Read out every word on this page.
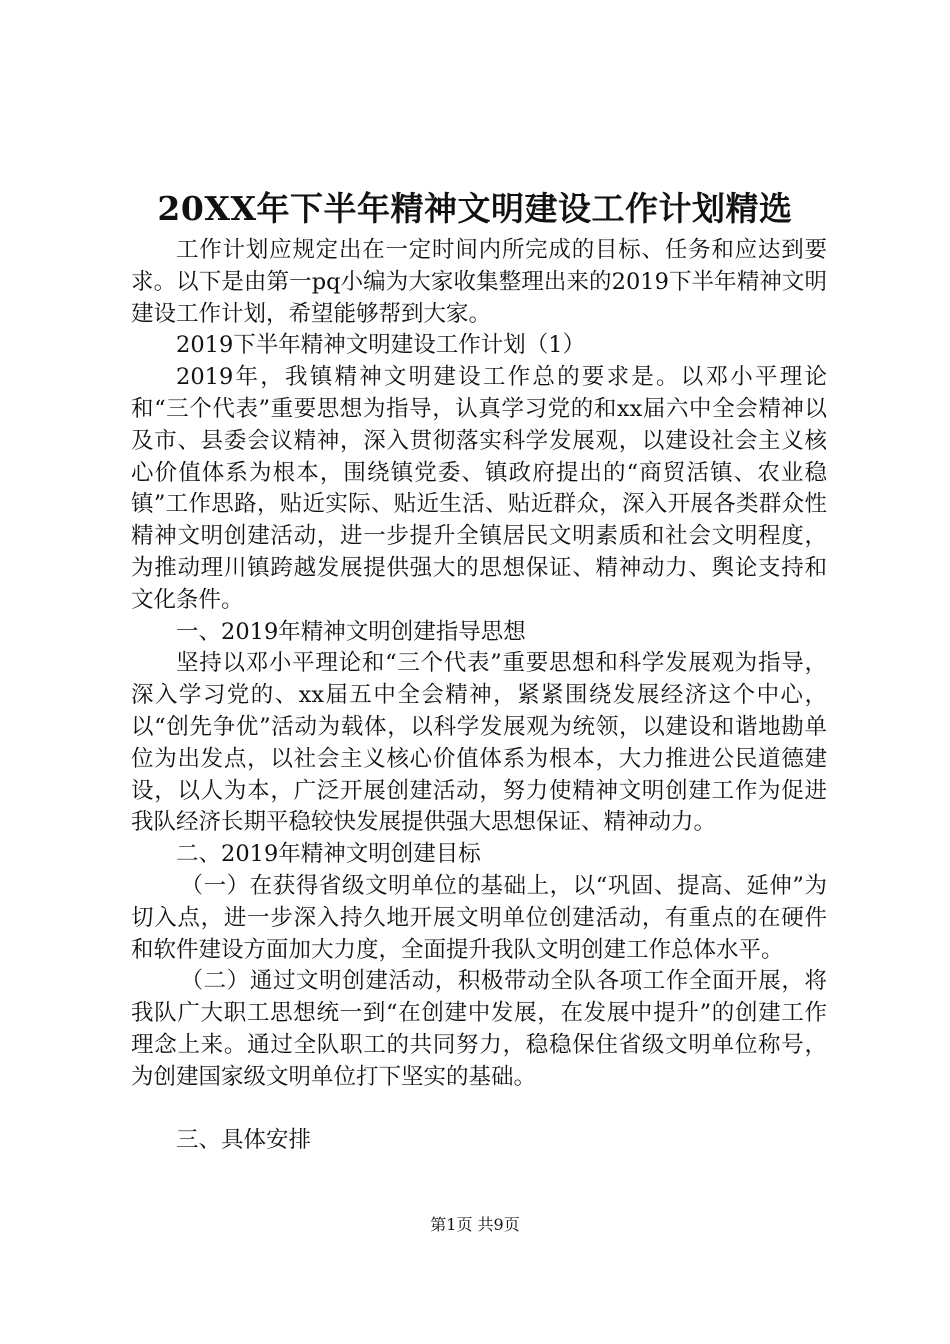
20XX年下半年精神文明建设工作计划精选

工作计划应规定出在一定时间内所完成的目标、任务和应达到要求。以下是由第一pq小编为大家收集整理出来的2019下半年精神文明建设工作计划，希望能够帮到大家。

2019下半年精神文明建设工作计划（1）

2019年，我镇精神文明建设工作总的要求是。以邓小平理论和“三个代表”重要思想为指导，认真学习党的和xx届六中全会精神以及市、县委会议精神，深入贯彻落实科学发展观，以建设社会主义核心价值体系为根本，围绕镇党委、镇政府提出的“商贸活镇、农业稳镇”工作思路，贴近实际、贴近生活、贴近群众，深入开展各类群众性精神文明创建活动，进一步提升全镇居民文明素质和社会文明程度，为推动理川镇跨越发展提供强大的思想保证、精神动力、舆论支持和文化条件。

一、2019年精神文明创建指导思想

坚持以邓小平理论和“三个代表”重要思想和科学发展观为指导，深入学习党的、xx届五中全会精神，紧紧围绕发展经济这个中心，以“创先争优”活动为载体，以科学发展观为统领，以建设和谐地勘单位为出发点，以社会主义核心价值体系为根本，大力推进公民道德建设，以人为本，广泛开展创建活动，努力使精神文明创建工作为促进我队经济长期平稳较快发展提供强大思想保证、精神动力。

二、2019年精神文明创建目标

（一）在获得省级文明单位的基础上，以“巩固、提高、延伸”为切入点，进一步深入持久地开展文明单位创建活动，有重点的在硬件和软件建设方面加大力度，全面提升我队文明创建工作总体水平。

（二）通过文明创建活动，积极带动全队各项工作全面开展，将我队广大职工思想统一到“在创建中发展，在发展中提升”的创建工作理念上来。通过全队职工的共同努力，稳稳保住省级文明单位称号，为创建国家级文明单位打下坚实的基础。

三、具体安排

第1页 共9页
